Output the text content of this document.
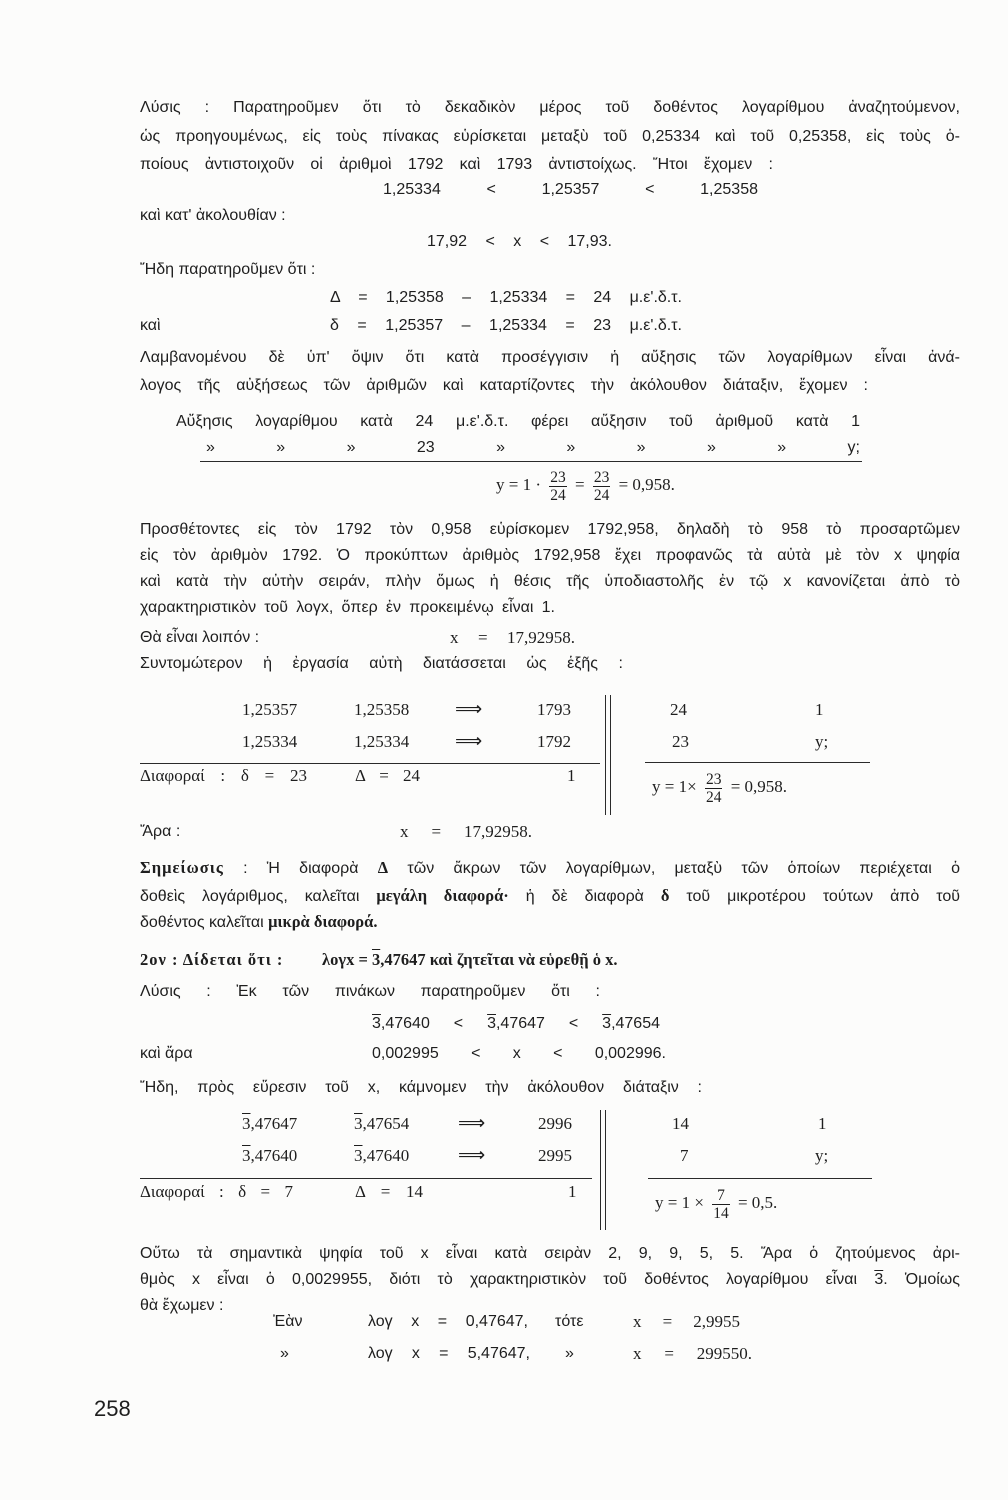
Λύσις : Παρατηροῦμεν ὅτι τὸ δεκαδικὸν μέρος τοῦ δοθέντος λογαρίθμου ἀναζητούμενον,
ὡς προηγουμένως, εἰς τοὺς πίνακας εὑρίσκεται μεταξὺ τοῦ 0,25334 καὶ τοῦ 0,25358, εἰς τοὺς ὁ-
ποίους ἀντιστοιχοῦν οἱ ἀριθμοὶ 1792 καὶ 1793 ἀντιστοίχως. Ἤτοι ἔχομεν :
1,25334 < 1,25357 < 1,25358
καὶ κατ' ἀκολουθίαν :
17,92 < x < 17,93.
Ἤδη παρατηροῦμεν ὅτι :
Δ = 1,25358 – 1,25334 = 24 μ.ε'.δ.τ.
καὶ	δ = 1,25357 – 1,25334 = 23 μ.ε'.δ.τ.
Λαμβανομένου δὲ ὑπ' ὄψιν ὅτι κατὰ προσέγγισιν ἡ αὔξησις τῶν λογαρίθμων εἶναι ἀνά-
λογος τῆς αὐξήσεως τῶν ἀριθμῶν καὶ καταρτίζοντες τὴν ἀκόλουθον διάταξιν, ἔχομεν :
Αὔξησις λογαρίθμου κατὰ 24 μ.ε'.δ.τ. φέρει αὔξησιν τοῦ ἀριθμοῦ κατὰ 1
» » » 23 » » » » » y;
$y = 1 \cdot \frac{23}{24} = \frac{23}{24} = 0,958$.
Προσθέτοντες εἰς τὸν 1792 τὸν 0,958 εὑρίσκομεν 1792,958, δηλαδὴ τὸ 958 τὸ προσαρτῶμεν
εἰς τὸν ἀριθμὸν 1792. Ὁ προκύπτων ἀριθμὸς 1792,958 ἔχει προφανῶς τὰ αὐτὰ μὲ τὸν x ψηφία
καὶ κατὰ τὴν αὐτὴν σειράν, πλὴν ὅμως ἡ θέσις τῆς ὑποδιαστολῆς ἐν τῷ x κανονίζεται ἀπὸ τὸ
χαρακτηριστικὸν τοῦ λογx, ὅπερ ἐν προκειμένῳ εἶναι 1.
Θὰ εἶναι λοιπόν :	x = 17,92958.
Συντομώτερον ἡ ἐργασία αὐτὴ διατάσσεται ὡς ἑξῆς :
1,25357	1,25358 ⟹	1793	24	1
1,25334	1,25334 ⟹	1792	23	y;
Διαφοραί : δ = 23	Δ = 24	1
$y = 1\times \frac{23}{24} = 0,958$.
Ἄρα :	x = 17,92958.
Σημείωσις : Ἡ διαφορὰ Δ τῶν ἄκρων τῶν λογαρίθμων, μεταξὺ τῶν ὁποίων περιέχεται ὁ
δοθεὶς λογάριθμος, καλεῖται μεγάλη διαφορά· ἡ δὲ διαφορὰ δ τοῦ μικροτέρου τούτων ἀπὸ τοῦ
δοθέντος καλεῖται μικρὰ διαφορά.
2ον : Δίδεται ὅτι : λογx = 3,47647 καὶ ζητεῖται νὰ εὑρεθῇ ὁ x.
Λύσις : Ἐκ τῶν πινάκων παρατηροῦμεν ὅτι :
3,47640 < 3,47647 < 3,47654
καὶ ἄρα	0,002995 < x < 0,002996.
Ἤδη, πρὸς εὕρεσιν τοῦ x, κάμνομεν τὴν ἀκόλουθον διάταξιν :
3,47647	3,47654	⟹	2996	14	1
3,47640	3,47640	⟹	2995	7	y;
Διαφοραί : δ = 7	Δ = 14	1
$y = 1 \times \frac{7}{14} = 0,5$.
Οὕτω τὰ σημαντικὰ ψηφία τοῦ x εἶναι κατὰ σειρὰν 2, 9, 9, 5, 5. Ἄρα ὁ ζητούμενος ἀρι-
θμὸς x εἶναι ὁ 0,0029955, διότι τὸ χαρακτηριστικὸν τοῦ δοθέντος λογαρίθμου εἶναι 3. Ὁμοίως
θὰ ἔχωμεν :
Ἐὰν	λογ x = 0,47647, τότε	x = 2,9955
»	λογ x = 5,47647, »	x = 299550.
258
